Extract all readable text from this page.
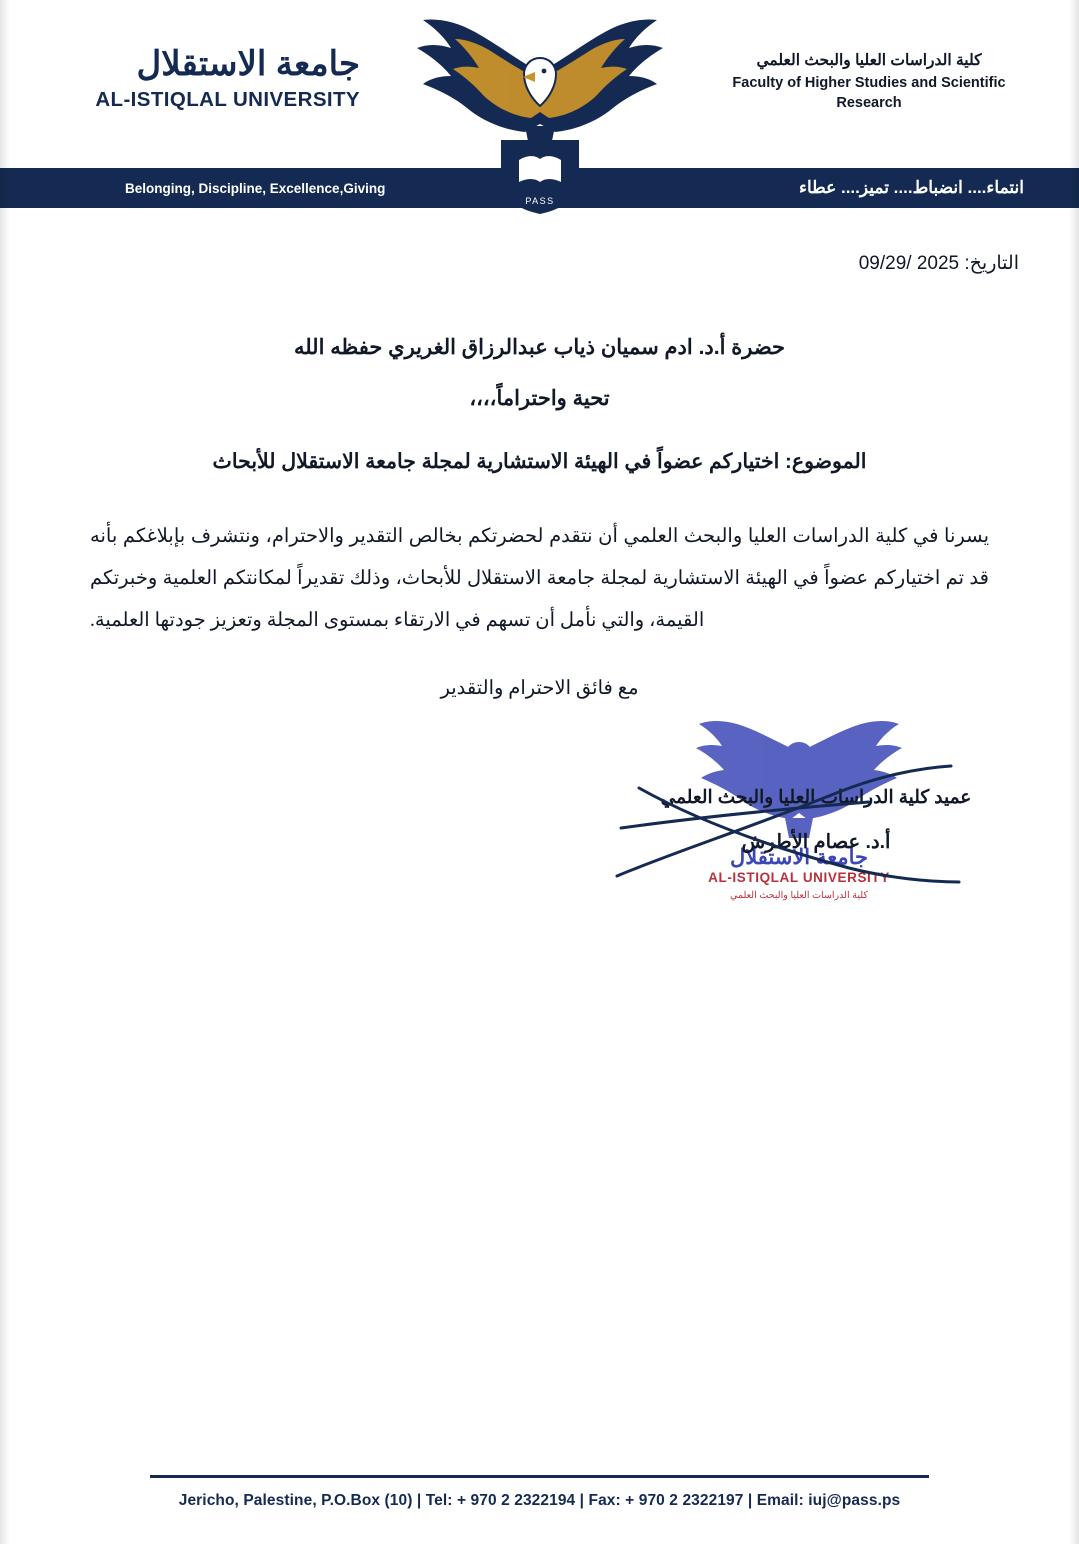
كلية الدراسات العليا والبحث العلمي
Faculty of Higher Studies and Scientific Research
جامعة الاستقلال
AL-ISTIQLAL UNIVERSITY
انتماء.... انضباط.... تميز.... عطاء
Belonging, Discipline, Excellence,Giving
PASS
التاريخ: 2025 /09/29
حضرة أ.د. ادم سميان ذياب عبدالرزاق الغريري حفظه الله
تحية واحتراماً،،،،
الموضوع: اختياركم عضواً في الهيئة الاستشارية لمجلة جامعة الاستقلال للأبحاث
يسرنا في كلية الدراسات العليا والبحث العلمي أن نتقدم لحضرتكم بخالص التقدير والاحترام، ونتشرف بإبلاغكم بأنه قد تم اختياركم عضواً في الهيئة الاستشارية لمجلة جامعة الاستقلال للأبحاث، وذلك تقديراً لمكانتكم العلمية وخبرتكم القيمة، والتي نأمل أن تسهم في الارتقاء بمستوى المجلة وتعزيز جودتها العلمية.
مع فائق الاحترام والتقدير
جامعة الاستقلال
AL-ISTIQLAL UNIVERSITY
كلية الدراسات العليا والبحث العلمي
عميد كلية الدراسات العليا والبحث العلمي
أ.د. عصام الأطرش
Jericho, Palestine, P.O.Box (10) | Tel: + 970 2 2322194 | Fax: + 970 2 2322197 | Email: iuj@pass.ps
